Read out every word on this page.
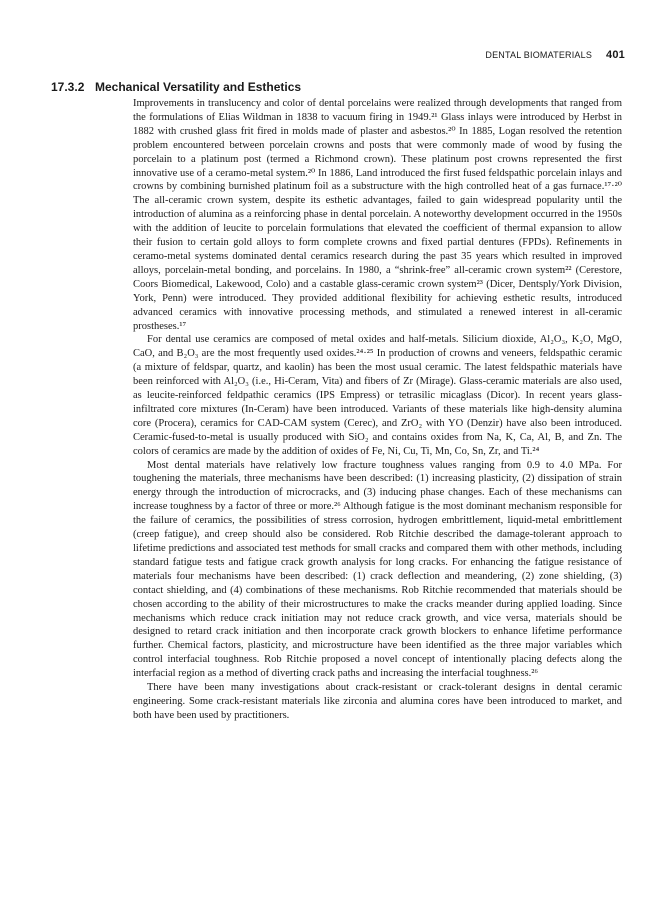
DENTAL BIOMATERIALS 401
17.3.2 Mechanical Versatility and Esthetics

Improvements in translucency and color of dental porcelains were realized through developments that ranged from the formulations of Elias Wildman in 1838 to vacuum firing in 1949.²¹ Glass inlays were introduced by Herbst in 1882 with crushed glass frit fired in molds made of plaster and asbestos.²⁰ In 1885, Logan resolved the retention problem encountered between porcelain crowns and posts that were commonly made of wood by fusing the porcelain to a platinum post (termed a Richmond crown). These platinum post crowns represented the first innovative use of a ceramo-metal system.²⁰ In 1886, Land introduced the first fused feldspathic porcelain inlays and crowns by combining burnished platinum foil as a substructure with the high controlled heat of a gas furnace.¹⁷·²⁰ The all-ceramic crown system, despite its esthetic advantages, failed to gain widespread popularity until the introduction of alumina as a reinforcing phase in dental porcelain. A noteworthy development occurred in the 1950s with the addition of leucite to porcelain formulations that elevated the coefficient of thermal expansion to allow their fusion to certain gold alloys to form complete crowns and fixed partial dentures (FPDs). Refinements in ceramo-metal systems dominated dental ceramics research during the past 35 years which resulted in improved alloys, porcelain-metal bonding, and porcelains. In 1980, a “shrink-free” all-ceramic crown system²² (Cerestore, Coors Biomedical, Lakewood, Colo) and a castable glass-ceramic crown system²³ (Dicer, Dentsply/York Division, York, Penn) were introduced. They provided additional flexibility for achieving esthetic results, introduced advanced ceramics with innovative processing methods, and stimulated a renewed interest in all-ceramic prostheses.¹⁷

For dental use ceramics are composed of metal oxides and half-metals. Silicium dioxide, Al₂O₃, K₂O, MgO, CaO, and B₂O₃ are the most frequently used oxides.²⁴·²⁵ In production of crowns and veneers, feldspathic ceramic (a mixture of feldspar, quartz, and kaolin) has been the most usual ceramic. The latest feldspathic materials have been reinforced with Al₂O₃ (i.e., Hi-Ceram, Vita) and fibers of Zr (Mirage). Glass-ceramic materials are also used, as leucite-reinforced feldpathic ceramics (IPS Empress) or tetrasilic micaglass (Dicor). In recent years glass-infiltrated core mixtures (In-Ceram) have been introduced. Variants of these materials like high-density alumina core (Procera), ceramics for CAD-CAM system (Cerec), and ZrO₂ with YO (Denzir) have also been introduced. Ceramic-fused-to-metal is usually produced with SiO₂ and contains oxides from Na, K, Ca, Al, B, and Zn. The colors of ceramics are made by the addition of oxides of Fe, Ni, Cu, Ti, Mn, Co, Sn, Zr, and Ti.²⁴

Most dental materials have relatively low fracture toughness values ranging from 0.9 to 4.0 MPa. For toughening the materials, three mechanisms have been described: (1) increasing plasticity, (2) dissipation of strain energy through the introduction of microcracks, and (3) inducing phase changes. Each of these mechanisms can increase toughness by a factor of three or more.²⁶ Although fatigue is the most dominant mechanism responsible for the failure of ceramics, the possibilities of stress corrosion, hydrogen embrittlement, liquid-metal embrittlement (creep fatigue), and creep should also be considered. Rob Ritchie described the damage-tolerant approach to lifetime predictions and associated test methods for small cracks and compared them with other methods, including standard fatigue tests and fatigue crack growth analysis for long cracks. For enhancing the fatigue resistance of materials four mechanisms have been described: (1) crack deflection and meandering, (2) zone shielding, (3) contact shielding, and (4) combinations of these mechanisms. Rob Ritchie recommended that materials should be chosen according to the ability of their microstructures to make the cracks meander during applied loading. Since mechanisms which reduce crack initiation may not reduce crack growth, and vice versa, materials should be designed to retard crack initiation and then incorporate crack growth blockers to enhance lifetime performance further. Chemical factors, plasticity, and microstructure have been identified as the three major variables which control interfacial toughness. Rob Ritchie proposed a novel concept of intentionally placing defects along the interfacial region as a method of diverting crack paths and increasing the interfacial toughness.²⁶

There have been many investigations about crack-resistant or crack-tolerant designs in dental ceramic engineering. Some crack-resistant materials like zirconia and alumina cores have been introduced to market, and both have been used by practitioners.
